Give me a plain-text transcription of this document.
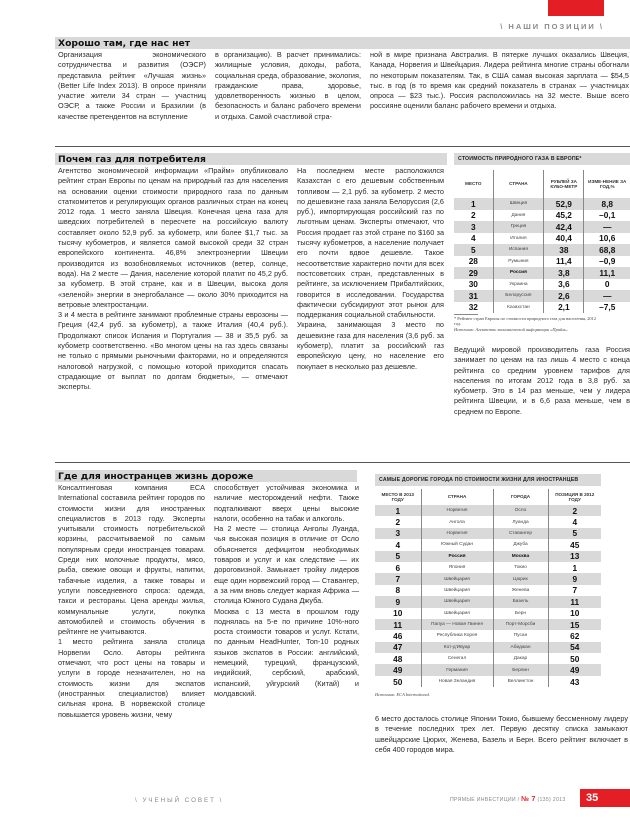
\ НАШИ ПОЗИЦИИ \
Хорошо там, где нас нет
Организация экономического сотрудничества и развития (ОЭСР) представила рейтинг «Лучшая жизнь» (Better Life Index 2013). В опросе приняли участие жители 34 стран — участниц ОЭСР, а также России и Бразилии (в качестве претендентов на вступление
в организацию). В расчет принимались: жилищные условия, доходы, работа, социальная среда, образование, экология, гражданские права, здоровье, удовлетворенность жизнью в целом, безопасность и баланс рабочего времени и отдыха. Самой счастливой стра-
ной в мире признана Австралия. В пятерке лучших оказались Швеция, Канада, Норвегия и Швейцария. Лидера рейтинга многие страны обогнали по некоторым показателям. Так, в США самая высокая зарплата — $54,5 тыс. в год (в то время как средний показатель в странах — участницах опроса — $23 тыс.). Россия расположилась на 32 месте. Выше всего россияне оценили баланс рабочего времени и отдыха.
Почем газ для потребителя

Агентство экономической информации «Прайм» опубликовало рейтинг стран Европы по ценам на природный газ для населения на основании оценки стоимости природного газа по данным статкомитетов и регулирующих органов различных стран на конец 2012 года. 1 место заняла Швеция. Конечная цена газа для шведских потребителей в пересчете на российскую валюту составляет около 52,9 руб. за кубометр, или более $1,7 тыс. за тысячу кубометров, и является самой высокой среди 32 стран европейского континента. 46,8% электроэнергии Швеции производится из возобновляемых источников (ветер, солнце, вода). На 2 месте — Дания, население которой платит по 45,2 руб. за кубометр. В этой стране, как и в Швеции, высока доля «зеленой» энергии в энергобалансе — около 30% приходится на ветровые электростанции.

3 и 4 места в рейтинге занимают проблемные страны еврозоны — Греция (42,4 руб. за кубометр), а также Италия (40,4 руб.). Продолжают список Испания и Португалия — 38 и 35,5 руб. за кубометр соответственно. «Во многом цены на газ здесь связаны не только с прямыми рыночными факторами, но и определяются налоговой нагрузкой, с помощью которой приходится спасать страдающие от выплат по долгам бюджеты», — отмечают эксперты.

На последнем месте расположился Казахстан с его дешевым собственным топливом — 2,1 руб. за кубометр. 2 место по дешевизне газа заняла Белоруссия (2,6 руб.), импортирующая российский газ по льготным ценам. Эксперты отмечают, что Россия продает газ этой стране по $160 за тысячу кубометров, а население получает его почти вдвое дешевле. Такое несоответствие характерно почти для всех постсоветских стран, представленных в рейтинге, за исключением Прибалтийских, говорится в исследовании. Государства фактически субсидируют этот рынок для поддержания социальной стабильности.

Украина, занимающая 3 место по дешевизне газа для населения (3,6 руб. за кубометр), платит за российский газ европейскую цену, но население его покупает в несколько раз дешевле.

СТОИМОСТЬ ПРИРОДНОГО ГАЗА В ЕВРОПЕ*
МЕСТО	СТРАНА	РУБЛЕЙ ЗА КУБО-МЕТР	ИЗМЕ-НЕНИЕ ЗА ГОД,%
1	Швеция	52,9	8,8
2	Дания	45,2	–0,1
3	Греция	42,4	—
4	Италия	40,4	10,6
5	Испания	38	68,8
28	Румыния	11,4	–0,9
29	Россия	3,8	11,1
30	Украина	3,6	0
31	Белоруссия	2,6	—
32	Казахстан	2,1	–7,5
* Рейтинг стран Европы по стоимости природного газа для населения, 2012 год.
Источник: Агентство экономической информации «Прайм».
Ведущий мировой производитель газа Россия занимает по ценам на газ лишь 4 место с конца рейтинга со средним уровнем тарифов для населения по итогам 2012 года в 3,8 руб. за кубометр. Это в 14 раз меньше, чем у лидера рейтинга Швеции, и в 6,6 раза меньше, чем в среднем по Европе.
Где для иностранцев жизнь дороже

Консалтинговая компания ECA International составила рейтинг городов по стоимости жизни для иностранных специалистов в 2013 году. Эксперты учитывали стоимость потребительской корзины, рассчитываемой по самым популярным среди иностранцев товарам. Среди них молочные продукты, мясо, рыба, свежие овощи и фрукты, напитки, табачные изделия, а также товары и услуги повседневного спроса: одежда, такси и рестораны. Цена аренды жилья, коммунальные услуги, покупка автомобилей и стоимость обучения в рейтинге не учитываются.

1 место рейтинга заняла столица Норвегии Осло. Авторы рейтинга отмечают, что рост цены на товары и услуги в городе незначителен, но на стоимость жизни для экспатов (иностранных специалистов) влияет сильная крона. В норвежской столице повышается уровень жизни, чему

способствует устойчивая экономика и наличие месторождений нефти. Также подталкивают вверх цены высокие налоги, особенно на табак и алкоголь.

На 2 месте — столица Анголы Луанда, чья высокая позиция в отличие от Осло объясняется дефицитом необходимых товаров и услуг и как следствие — их дороговизной. Замыкает тройку лидеров еще один норвежский город — Ставангер, а за ним вновь следует жаркая Африка — столица Южного Судана Джуба.

Москва с 13 места в прошлом году поднялась на 5-е по причине 10%-ного роста стоимости товаров и услуг. Кстати, по данным HeadHunter, Топ-10 родных языков экспатов в России: английский, немецкий, турецкий, французский, индийский, сербский, арабский, испанский, уйгурский (Китай) и молдавский.

САМЫЕ ДОРОГИЕ ГОРОДА ПО СТОИМОСТИ ЖИЗНИ ДЛЯ ИНОСТРАНЦЕВ
МЕСТО В 2013 ГОДУ	СТРАНА	ГОРОДА	ПОЗИЦИЯ В 2012 ГОДУ
1	Норвегия	Осло	2
2	Ангола	Луанда	4
3	Норвегия	Ставангер	5
4	Южный Судан	Джуба	45
5	Россия	Москва	13
6	Япония	Токио	1
7	Швейцария	Цюрих	9
8	Швейцария	Женева	7
9	Швейцария	Базель	11
10	Швейцария	Берн	10
11	Папуа — Новая Гвинея	Порт-Морсби	15
46	Республика Корея	Пусан	62
47	Кот-д'Ивуар	Абиджан	54
48	Сенегал	Дакар	50
49	Германия	Берлин	49
50	Новая Зеландия	Веллингтон	43
Источник: ECA International.
6 место досталось столице Японии Токио, бывшему бессменному лидеру в течение последних трех лет. Первую десятку списка замыкают швейцарские Цюрих, Женева, Базель и Берн. Всего рейтинг включает в себя 400 городов мира.
\ УЧЕНЫЙ СОВЕТ \	ПРЯМЫЕ ИНВЕСТИЦИИ / № 7 (135) 2013	35
